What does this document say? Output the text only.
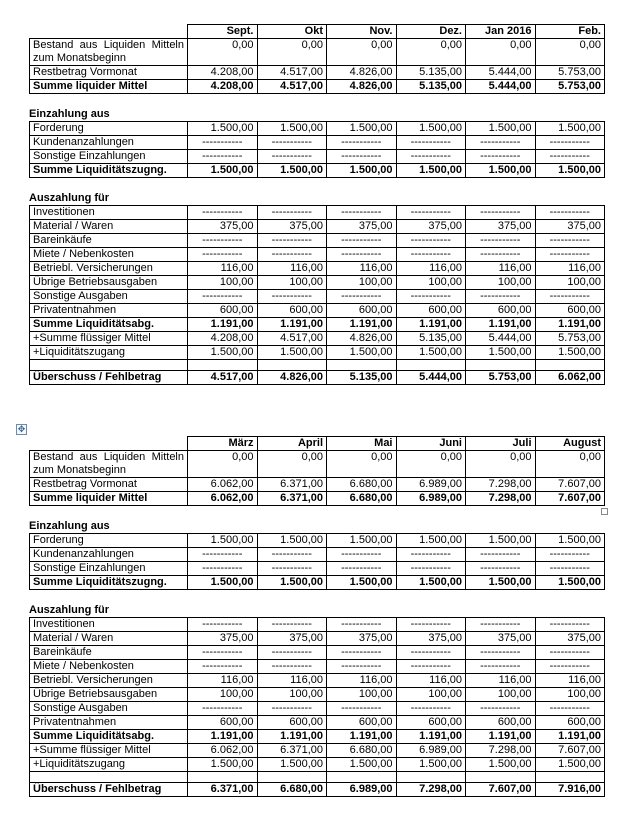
	Sept.	Okt	Nov.	Dez.	Jan 2016	Feb.
Bestand aus Liquiden Mitteln zum Monatsbeginn	0,00	0,00	0,00	0,00	0,00	0,00
Restbetrag Vormonat	4.208,00	4.517,00	4.826,00	5.135,00	5.444,00	5.753,00
Summe liquider Mittel	4.208,00	4.517,00	4.826,00	5.135,00	5.444,00	5.753,00
Einzahlung aus
Forderung	1.500,00	1.500,00	1.500,00	1.500,00	1.500,00	1.500,00
Kundenanzahlungen	-----------	-----------	-----------	-----------	-----------	-----------
Sonstige Einzahlungen	-----------	-----------	-----------	-----------	-----------	-----------
Summe Liquiditätszugng.	1.500,00	1.500,00	1.500,00	1.500,00	1.500,00	1.500,00
Auszahlung für
Investitionen	-----------	-----------	-----------	-----------	-----------	-----------
Material / Waren	375,00	375,00	375,00	375,00	375,00	375,00
Bareinkäufe	-----------	-----------	-----------	-----------	-----------	-----------
Miete / Nebenkosten	-----------	-----------	-----------	-----------	-----------	-----------
Betriebl. Versicherungen	116,00	116,00	116,00	116,00	116,00	116,00
Übrige Betriebsausgaben	100,00	100,00	100,00	100,00	100,00	100,00
Sonstige Ausgaben	-----------	-----------	-----------	-----------	-----------	-----------
Privatentnahmen	600,00	600,00	600,00	600,00	600,00	600,00
Summe Liquiditätsabg.	1.191,00	1.191,00	1.191,00	1.191,00	1.191,00	1.191,00
+Summe flüssiger Mittel	4.208,00	4.517,00	4.826,00	5.135,00	5.444,00	5.753,00
+Liquiditätszugang	1.500,00	1.500,00	1.500,00	1.500,00	1.500,00	1.500,00

Überschuss / Fehlbetrag	4.517,00	4.826,00	5.135,00	5.444,00	5.753,00	6.062,00
✥
	März	April	Mai	Juni	Juli	August
Bestand aus Liquiden Mitteln zum Monatsbeginn	0,00	0,00	0,00	0,00	0,00	0,00
Restbetrag Vormonat	6.062,00	6.371,00	6.680,00	6.989,00	7.298,00	7.607,00
Summe liquider Mittel	6.062,00	6.371,00	6.680,00	6.989,00	7.298,00	7.607,00
Einzahlung aus
Forderung	1.500,00	1.500,00	1.500,00	1.500,00	1.500,00	1.500,00
Kundenanzahlungen	-----------	-----------	-----------	-----------	-----------	-----------
Sonstige Einzahlungen	-----------	-----------	-----------	-----------	-----------	-----------
Summe Liquiditätszugng.	1.500,00	1.500,00	1.500,00	1.500,00	1.500,00	1.500,00
Auszahlung für
Investitionen	-----------	-----------	-----------	-----------	-----------	-----------
Material / Waren	375,00	375,00	375,00	375,00	375,00	375,00
Bareinkäufe	-----------	-----------	-----------	-----------	-----------	-----------
Miete / Nebenkosten	-----------	-----------	-----------	-----------	-----------	-----------
Betriebl. Versicherungen	116,00	116,00	116,00	116,00	116,00	116,00
Übrige Betriebsausgaben	100,00	100,00	100,00	100,00	100,00	100,00
Sonstige Ausgaben	-----------	-----------	-----------	-----------	-----------	-----------
Privatentnahmen	600,00	600,00	600,00	600,00	600,00	600,00
Summe Liquiditätsabg.	1.191,00	1.191,00	1.191,00	1.191,00	1.191,00	1.191,00
+Summe flüssiger Mittel	6.062,00	6.371,00	6.680,00	6.989,00	7.298,00	7.607,00
+Liquiditätszugang	1.500,00	1.500,00	1.500,00	1.500,00	1.500,00	1.500,00

Überschuss / Fehlbetrag	6.371,00	6.680,00	6.989,00	7.298,00	7.607,00	7.916,00
